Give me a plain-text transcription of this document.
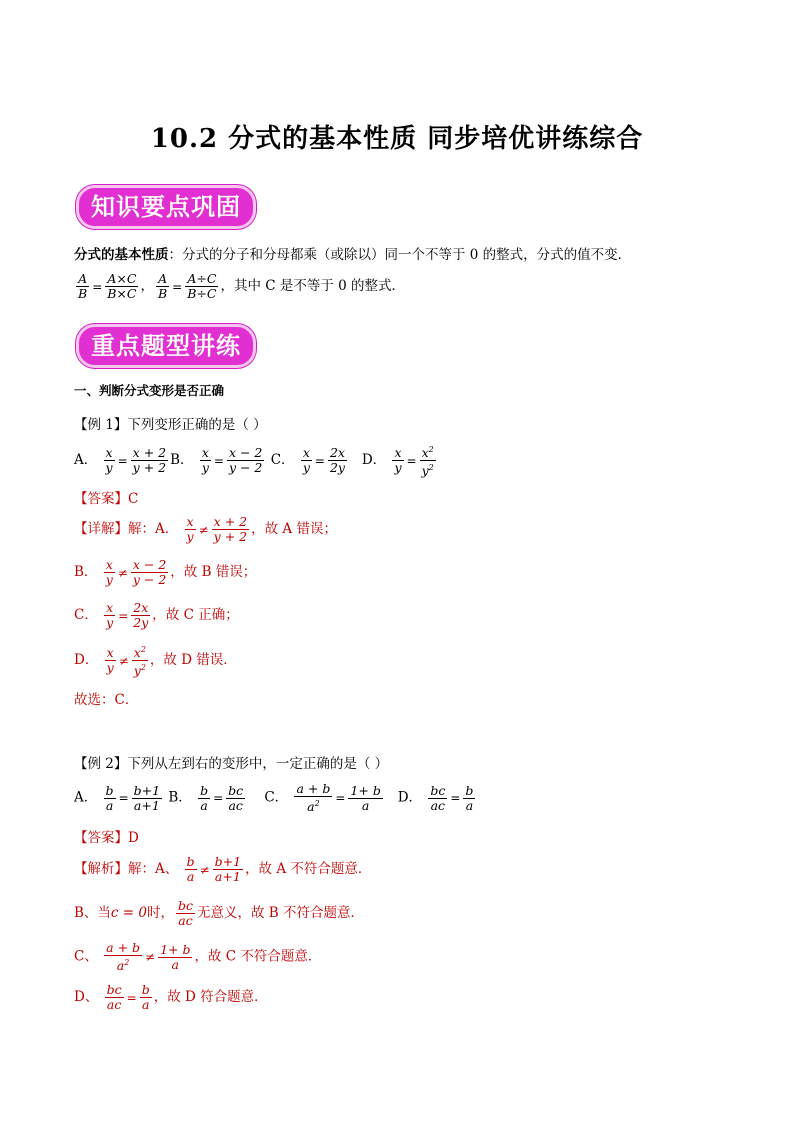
10.2 分式的基本性质 同步培优讲练综合
知识要点巩固
分式的基本性质：分式的分子和分母都乘（或除以）同一个不等于 0 的整式，分式的值不变．
$\frac{A}{B} = \frac{A\times C}{B\times C}$ ， $\frac{A}{B} = \frac{A\div C}{B\div C}$ ，其中 C 是不等于 0 的整式．
重点题型讲练
一、判断分式变形是否正确
【例 1】下列变形正确的是（ ）
A． $\frac{x}{y} = \frac{x + 2}{y + 2}$ B． $\frac{x}{y} = \frac{x - 2}{y - 2}$ C． $\frac{x}{y} = \frac{2x}{2y}$ D． $\frac{x}{y} = \frac{x^2}{y^2}$
【答案】C
【详解】解：A． $\frac{x}{y} \ne \frac{x + 2}{y + 2}$ ，故 A 错误；
B． $\frac{x}{y} \ne \frac{x - 2}{y - 2}$ ，故 B 错误；
C． $\frac{x}{y} = \frac{2x}{2y}$ ，故 C 正确；
D． $\frac{x}{y} \ne \frac{x^2}{y^2}$ ，故 D 错误．
故选：C．
【例 2】下列从左到右的变形中，一定正确的是（ ）
A． $\frac{b}{a} = \frac{b+1}{a+1}$ B． $\frac{b}{a} = \frac{bc}{ac}$ C． $\frac{a + b}{a^2} = \frac{1+ b}{a}$ D． $\frac{bc}{ac} = \frac{b}{a}$
【答案】D
【解析】解：A、 $\frac{b}{a} \ne \frac{b+1}{a+1}$ ，故 A 不符合题意．
B、当c = 0时， $\frac{bc}{ac}$ 无意义，故 B 不符合题意．
C、 $\frac{a + b}{a^2} \ne \frac{1+ b}{a}$ ，故 C 不符合题意．
D、 $\frac{bc}{ac} = \frac{b}{a}$ ，故 D 符合题意．
